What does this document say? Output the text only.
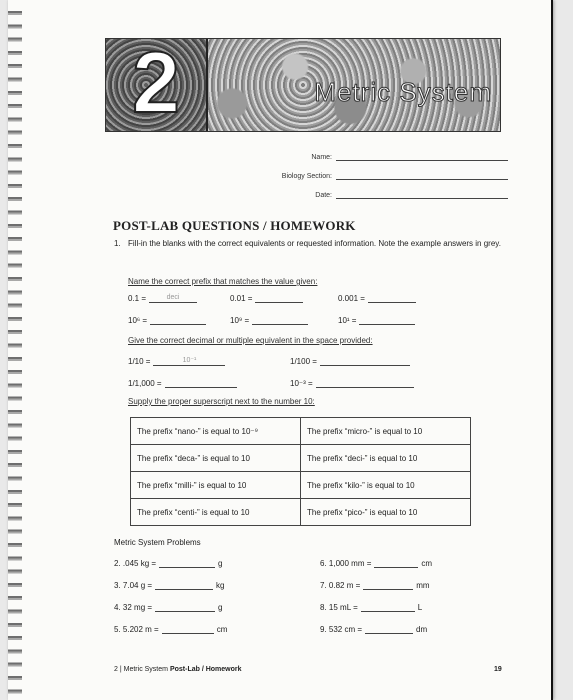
2	Metric System
Name:
Biology Section:
Date:
POST-LAB QUESTIONS / HOMEWORK
1. Fill-in the blanks with the correct equivalents or requested information. Note the example answers in grey.
Name the correct prefix that matches the value given:
0.1 =	deci	0.01 =	0.001 =
10⁶ =	10⁹ =	10¹ =
Give the correct decimal or multiple equivalent in the space provided:
1/10 =	10⁻¹	1/100 =
1/1,000 =	10⁻³ =
Supply the proper superscript next to the number 10:
The prefix “nano-” is equal to 10⁻⁹	The prefix “micro-” is equal to 10
The prefix “deca-” is equal to 10	The prefix “deci-” is equal to 10
The prefix “milli-” is equal to 10	The prefix “kilo-” is equal to 10
The prefix “centi-” is equal to 10	The prefix “pico-” is equal to 10
Metric System Problems
2.
.045 kg =	g
3.
7.04 g =	kg
4.
32 mg =	g
5.
5.202 m =	cm
6.
1,000 mm =	cm
7.
0.82 m =	mm
8.
15 mL =	L
9.
532 cm =	dm
2 | Metric System Post-Lab / Homework	19
